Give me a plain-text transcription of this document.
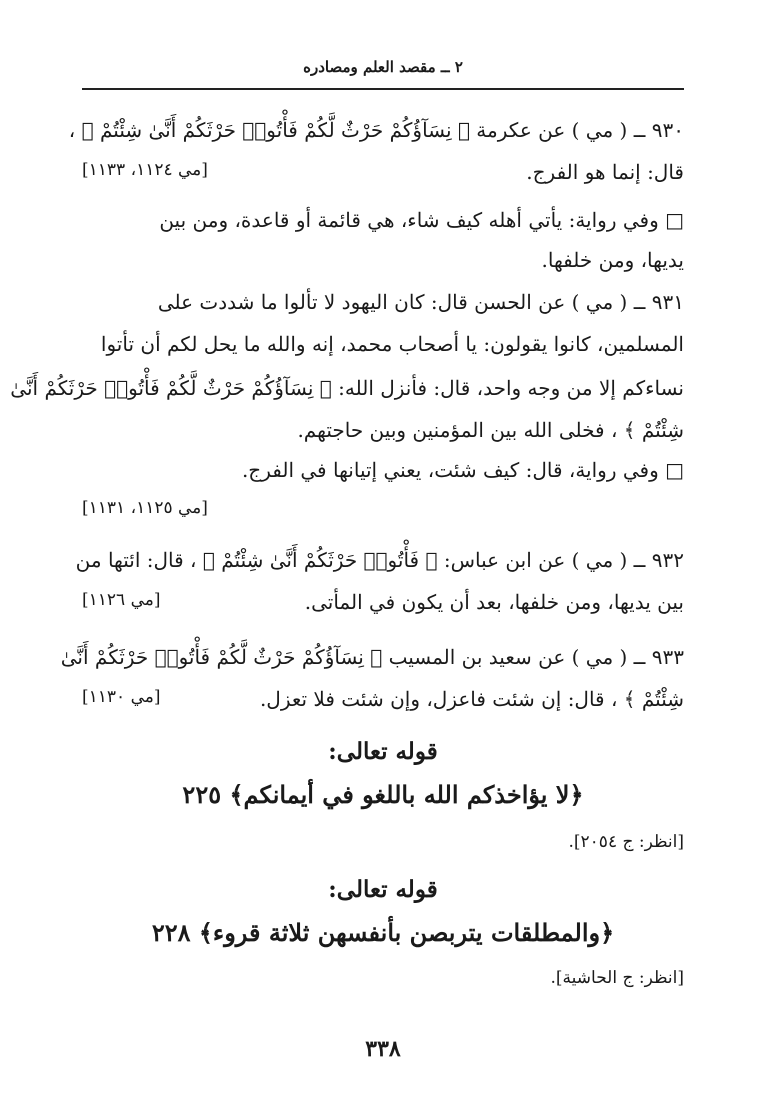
٢ ــ مقصد العلم ومصادره
٩٣٠ ــ ( مي ) عن عكرمة ﴿ نِسَآؤُكُمْ حَرْثٌ لَّكُمْ فَأْتُوا۟ حَرْثَكُمْ أَنَّىٰ شِئْتُمْ ﴾ ،
قال: إنما هو الفرج.
[مي ١١٢٤، ١١٣٣]
□ وفي رواية: يأتي أهله كيف شاء، هي قائمة أو قاعدة، ومن بين
يديها، ومن خلفها.
٩٣١ ــ ( مي ) عن الحسن قال: كان اليهود لا تألوا ما شددت على
المسلمين، كانوا يقولون: يا أصحاب محمد، إنه والله ما يحل لكم أن تأتوا
نساءكم إلا من وجه واحد، قال: فأنزل الله: ﴿ نِسَآؤُكُمْ حَرْثٌ لَّكُمْ فَأْتُوا۟ حَرْثَكُمْ أَنَّىٰ
شِئْتُمْ ﴾ ، فخلى الله بين المؤمنين وبين حاجتهم.
□ وفي رواية، قال: كيف شئت، يعني إتيانها في الفرج.
[مي ١١٢٥، ١١٣١]
٩٣٢ ــ ( مي ) عن ابن عباس: ﴿ فَأْتُوا۟ حَرْثَكُمْ أَنَّىٰ شِئْتُمْ ﴾ ، قال: ائتها من
بين يديها، ومن خلفها، بعد أن يكون في المأتى.
[مي ١١٢٦]
٩٣٣ ــ ( مي ) عن سعيد بن المسيب ﴿ نِسَآؤُكُمْ حَرْثٌ لَّكُمْ فَأْتُوا۟ حَرْثَكُمْ أَنَّىٰ
شِئْتُمْ ﴾ ، قال: إن شئت فاعزل، وإن شئت فلا تعزل.
[مي ١١٣٠]
قوله تعالى:
﴿لا يؤاخذكم الله باللغو في أيمانكم﴾ ٢٢٥
[انظر: ج ٢٠٥٤].
قوله تعالى:
﴿والمطلقات يتربصن بأنفسهن ثلاثة قروء﴾ ٢٢٨
[انظر: ج الحاشية].
٣٣٨
